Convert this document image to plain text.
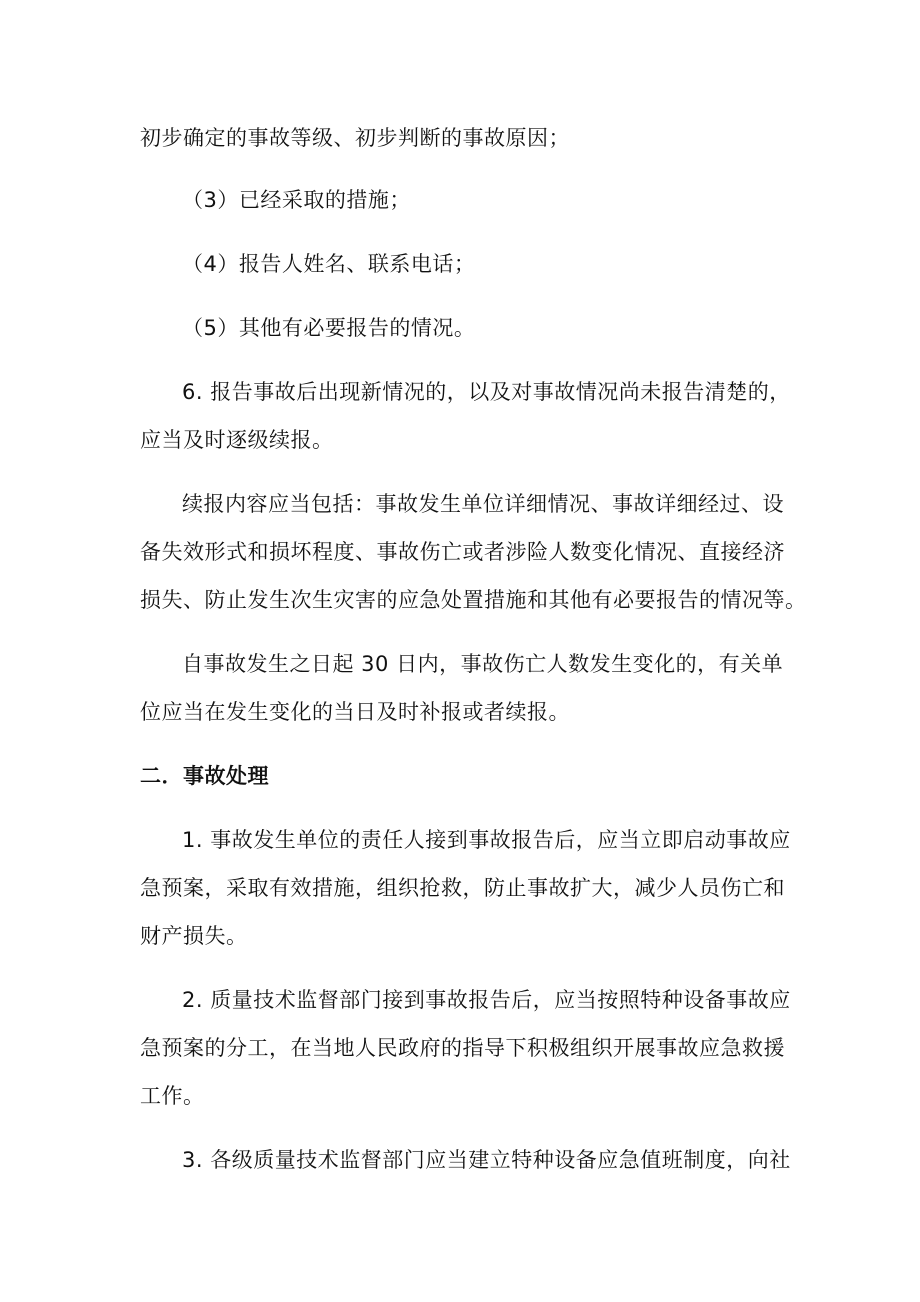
初步确定的事故等级、初步判断的事故原因；
（3）已经采取的措施；
（4）报告人姓名、联系电话；
（5）其他有必要报告的情况。
6. 报告事故后出现新情况的，以及对事故情况尚未报告清楚的，
应当及时逐级续报。
续报内容应当包括：事故发生单位详细情况、事故详细经过、设
备失效形式和损坏程度、事故伤亡或者涉险人数变化情况、直接经济
损失、防止发生次生灾害的应急处置措施和其他有必要报告的情况等。
自事故发生之日起 30 日内，事故伤亡人数发生变化的，有关单
位应当在发生变化的当日及时补报或者续报。
二．事故处理
1. 事故发生单位的责任人接到事故报告后，应当立即启动事故应
急预案，采取有效措施，组织抢救，防止事故扩大，减少人员伤亡和
财产损失。
2. 质量技术监督部门接到事故报告后，应当按照特种设备事故应
急预案的分工，在当地人民政府的指导下积极组织开展事故应急救援
工作。
3. 各级质量技术监督部门应当建立特种设备应急值班制度，向社
